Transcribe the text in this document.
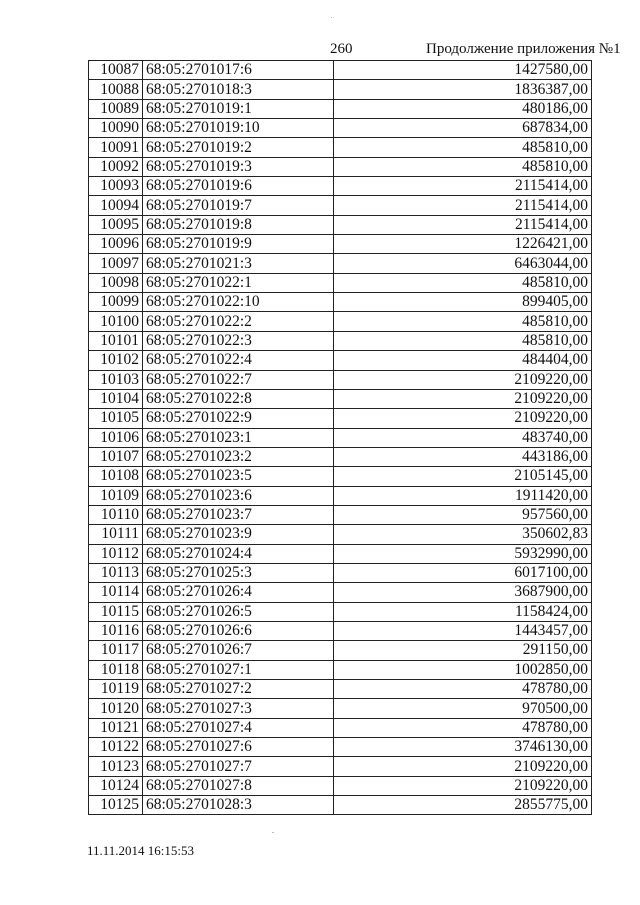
260	Продолжение приложения №1
10087	68:05:2701017:6	1427580,00
10088	68:05:2701018:3	1836387,00
10089	68:05:2701019:1	480186,00
10090	68:05:2701019:10	687834,00
10091	68:05:2701019:2	485810,00
10092	68:05:2701019:3	485810,00
10093	68:05:2701019:6	2115414,00
10094	68:05:2701019:7	2115414,00
10095	68:05:2701019:8	2115414,00
10096	68:05:2701019:9	1226421,00
10097	68:05:2701021:3	6463044,00
10098	68:05:2701022:1	485810,00
10099	68:05:2701022:10	899405,00
10100	68:05:2701022:2	485810,00
10101	68:05:2701022:3	485810,00
10102	68:05:2701022:4	484404,00
10103	68:05:2701022:7	2109220,00
10104	68:05:2701022:8	2109220,00
10105	68:05:2701022:9	2109220,00
10106	68:05:2701023:1	483740,00
10107	68:05:2701023:2	443186,00
10108	68:05:2701023:5	2105145,00
10109	68:05:2701023:6	1911420,00
10110	68:05:2701023:7	957560,00
10111	68:05:2701023:9	350602,83
10112	68:05:2701024:4	5932990,00
10113	68:05:2701025:3	6017100,00
10114	68:05:2701026:4	3687900,00
10115	68:05:2701026:5	1158424,00
10116	68:05:2701026:6	1443457,00
10117	68:05:2701026:7	291150,00
10118	68:05:2701027:1	1002850,00
10119	68:05:2701027:2	478780,00
10120	68:05:2701027:3	970500,00
10121	68:05:2701027:4	478780,00
10122	68:05:2701027:6	3746130,00
10123	68:05:2701027:7	2109220,00
10124	68:05:2701027:8	2109220,00
10125	68:05:2701028:3	2855775,00
11.11.2014 16:15:53
